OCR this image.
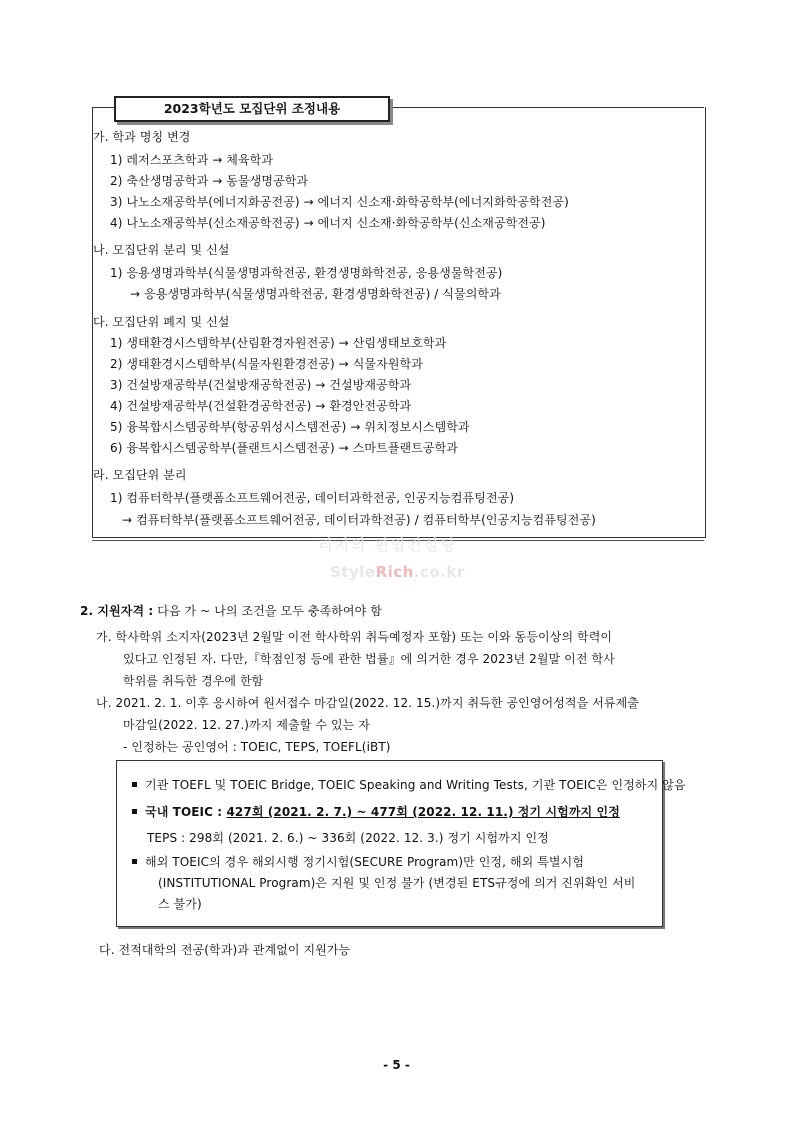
2023학년도 모집단위 조정내용
가. 학과 명칭 변경
1) 레저스포츠학과 → 체육학과
2) 축산생명공학과 → 동물생명공학과
3) 나노소재공학부(에너지화공전공) → 에너지 신소재·화학공학부(에너지화학공학전공)
4) 나노소재공학부(신소재공학전공) → 에너지 신소재·화학공학부(신소재공학전공)
나. 모집단위 분리 및 신설
1) 응용생명과학부(식물생명과학전공, 환경생명화학전공, 응용생물학전공)
→ 응용생명과학부(식물생명과학전공, 환경생명화학전공) / 식물의학과
다. 모집단위 폐지 및 신설
1) 생태환경시스템학부(산림환경자원전공) → 산림생태보호학과
2) 생태환경시스템학부(식물자원환경전공) → 식물자원학과
3) 건설방재공학부(건설방재공학전공) → 건설방재공학과
4) 건설방재공학부(건설환경공학전공) → 환경안전공학과
5) 융복합시스템공학부(항공위성시스템전공) → 위치정보시스템학과
6) 융복합시스템공학부(플랜트시스템전공) → 스마트플랜트공학과
라. 모집단위 분리
1) 컴퓨터학부(플랫폼소프트웨어전공, 데이터과학전공, 인공지능컴퓨팅전공)
→ 컴퓨터학부(플랫폼소프트웨어전공, 데이터과학전공) / 컴퓨터학부(인공지능컴퓨팅전공)
리치의 편입컨설팅
StyleRich.co.kr
2. 지원자격 : 다음 가 ~ 나의 조건을 모두 충족하여야 함
가. 학사학위 소지자(2023년 2월말 이전 학사학위 취득예정자 포함) 또는 이와 동등이상의 학력이
있다고 인정된 자. 다만,『학점인정 등에 관한 법률』에 의거한 경우 2023년 2월말 이전 학사
학위를 취득한 경우에 한함
나. 2021. 2. 1. 이후 응시하여 원서접수 마감일(2022. 12. 15.)까지 취득한 공인영어성적을 서류제출
마감일(2022. 12. 27.)까지 제출할 수 있는 자
- 인정하는 공인영어 : TOEIC, TEPS, TOEFL(iBT)
기관 TOEFL 및 TOEIC Bridge, TOEIC Speaking and Writing Tests, 기관 TOEIC은 인정하지 않음
국내 TOEIC : 427회 (2021. 2. 7.) ~ 477회 (2022. 12. 11.) 정기 시험까지 인정
TEPS : 298회 (2021. 2. 6.) ~ 336회 (2022. 12. 3.) 정기 시험까지 인정
해외 TOEIC의 경우 해외시행 정기시험(SECURE Program)만 인정, 해외 특별시험
(INSTITUTIONAL Program)은 지원 및 인정 불가 (변경된 ETS규정에 의거 진위확인 서비
스 불가)
다. 전적대학의 전공(학과)과 관계없이 지원가능
- 5 -
